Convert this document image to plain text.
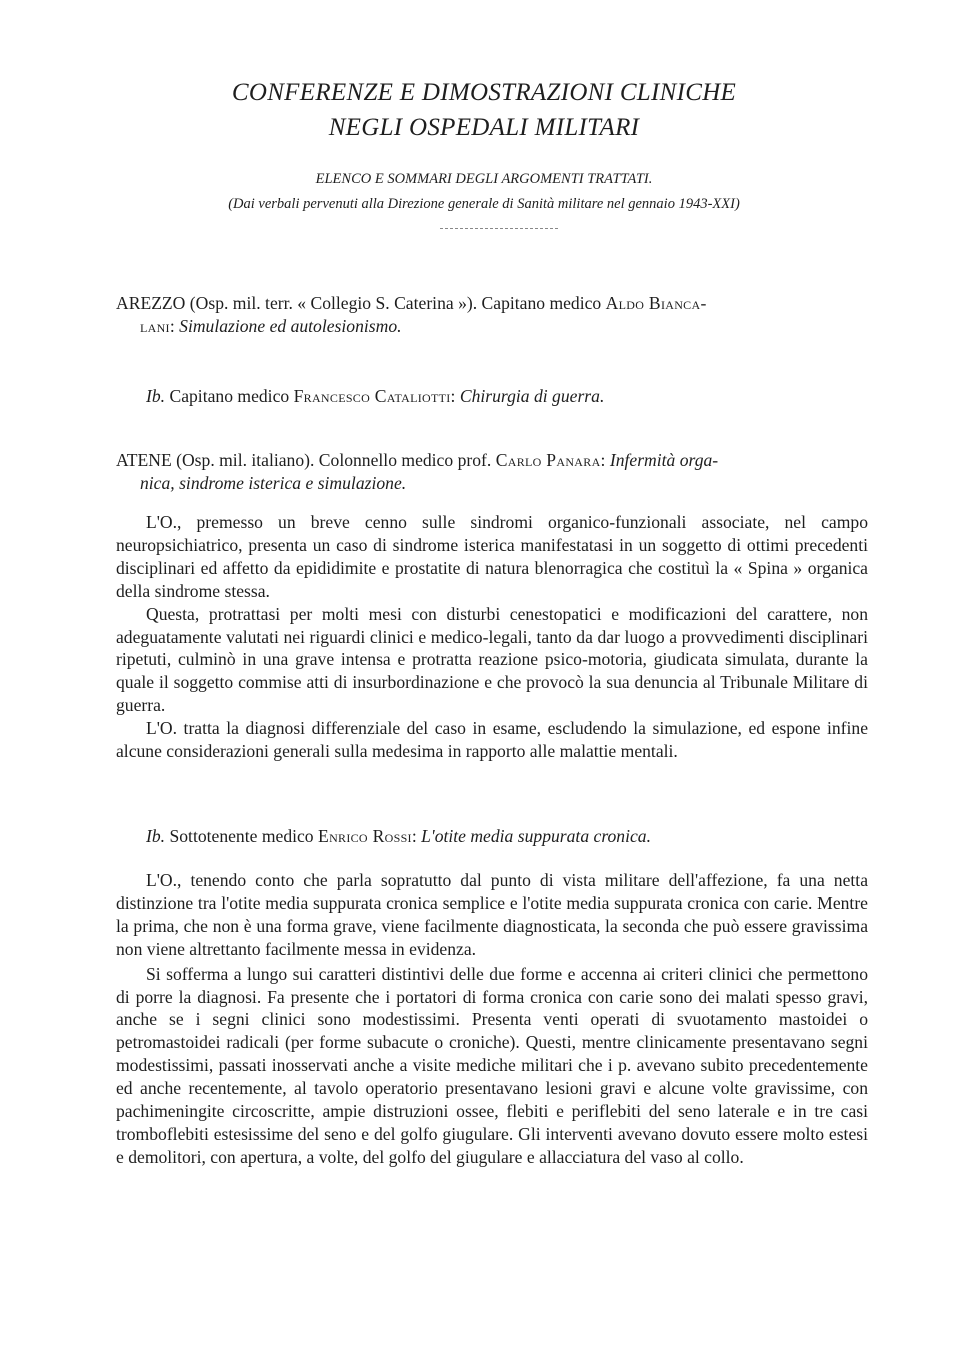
CONFERENZE E DIMOSTRAZIONI CLINICHE
NEGLI OSPEDALI MILITARI
ELENCO E SOMMARI DEGLI ARGOMENTI TRATTATI.
(Dai verbali pervenuti alla Direzione generale di Sanità militare nel gennaio 1943-XXI)

AREZZO (Osp. mil. terr. « Collegio S. Caterina »). Capitano medico Aldo Bianca-

lani: Simulazione ed autolesionismo.

Ib. Capitano medico Francesco Cataliotti: Chirurgia di guerra.

ATENE (Osp. mil. italiano). Colonnello medico prof. Carlo Panara: Infermità orga-

nica, sindrome isterica e simulazione.

L'O., premesso un breve cenno sulle sindromi organico-funzionali associate, nel campo neuropsichiatrico, presenta un caso di sindrome isterica manifestatasi in un soggetto di ottimi precedenti disciplinari ed affetto da epididimite e prostatite di natura blenorragica che costituì la « Spina » organica della sindrome stessa.

Questa, protrattasi per molti mesi con disturbi cenestopatici e modificazioni del carattere, non adeguatamente valutati nei riguardi clinici e medico-legali, tanto da dar luogo a provvedimenti disciplinari ripetuti, culminò in una grave intensa e protratta reazione psico-motoria, giudicata simulata, durante la quale il soggetto commise atti di insurbordinazione e che provocò la sua denuncia al Tribunale Militare di guerra.

L'O. tratta la diagnosi differenziale del caso in esame, escludendo la simulazione, ed espone infine alcune considerazioni generali sulla medesima in rapporto alle malattie mentali.

Ib. Sottotenente medico Enrico Rossi: L'otite media suppurata cronica.

L'O., tenendo conto che parla sopratutto dal punto di vista militare dell'affezione, fa una netta distinzione tra l'otite media suppurata cronica semplice e l'otite media suppurata cronica con carie. Mentre la prima, che non è una forma grave, viene facilmente diagnosticata, la seconda che può essere gravissima non viene altrettanto facilmente messa in evidenza.

Si sofferma a lungo sui caratteri distintivi delle due forme e accenna ai criteri clinici che permettono di porre la diagnosi. Fa presente che i portatori di forma cronica con carie sono dei malati spesso gravi, anche se i segni clinici sono modestissimi. Presenta venti operati di svuotamento mastoidei o petromastoidei radicali (per forme subacute o croniche). Questi, mentre clinicamente presentavano segni modestissimi, passati inosservati anche a visite mediche militari che i p. avevano subito precedentemente ed anche recentemente, al tavolo operatorio presentavano lesioni gravi e alcune volte gravissime, con pachimeningite circoscritte, ampie distruzioni ossee, flebiti e periflebiti del seno laterale e in tre casi tromboflebiti estesissime del seno e del golfo giugulare. Gli interventi avevano dovuto essere molto estesi e demolitori, con apertura, a volte, del golfo del giugulare e allacciatura del vaso al collo.
